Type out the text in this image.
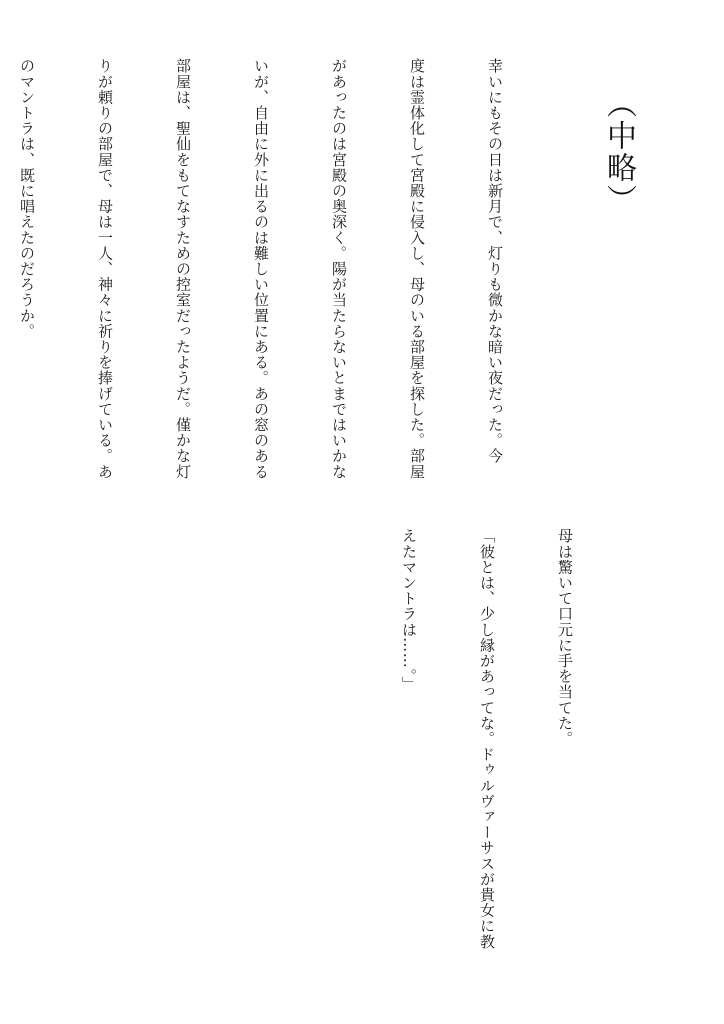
（中略）

幸いにもその日は新月で、灯りも微かな暗い夜だった。今

度は霊体化して宮殿に侵入し、母のいる部屋を探した。部屋

があったのは宮殿の奥深く。陽が当たらないとまではいかな

いが、自由に外に出るのは難しい位置にある。あの窓のある

部屋は、聖仙をもてなすための控室だったようだ。僅かな灯

りが頼りの部屋で、母は一人、神々に祈りを捧げている。あ

のマントラは、既に唱えたのだろうか。

母は驚いて口元に手を当てた。

「彼とは、少し縁があってな。ドゥルヴァーサスが貴女に教

えたマントラは……。」
